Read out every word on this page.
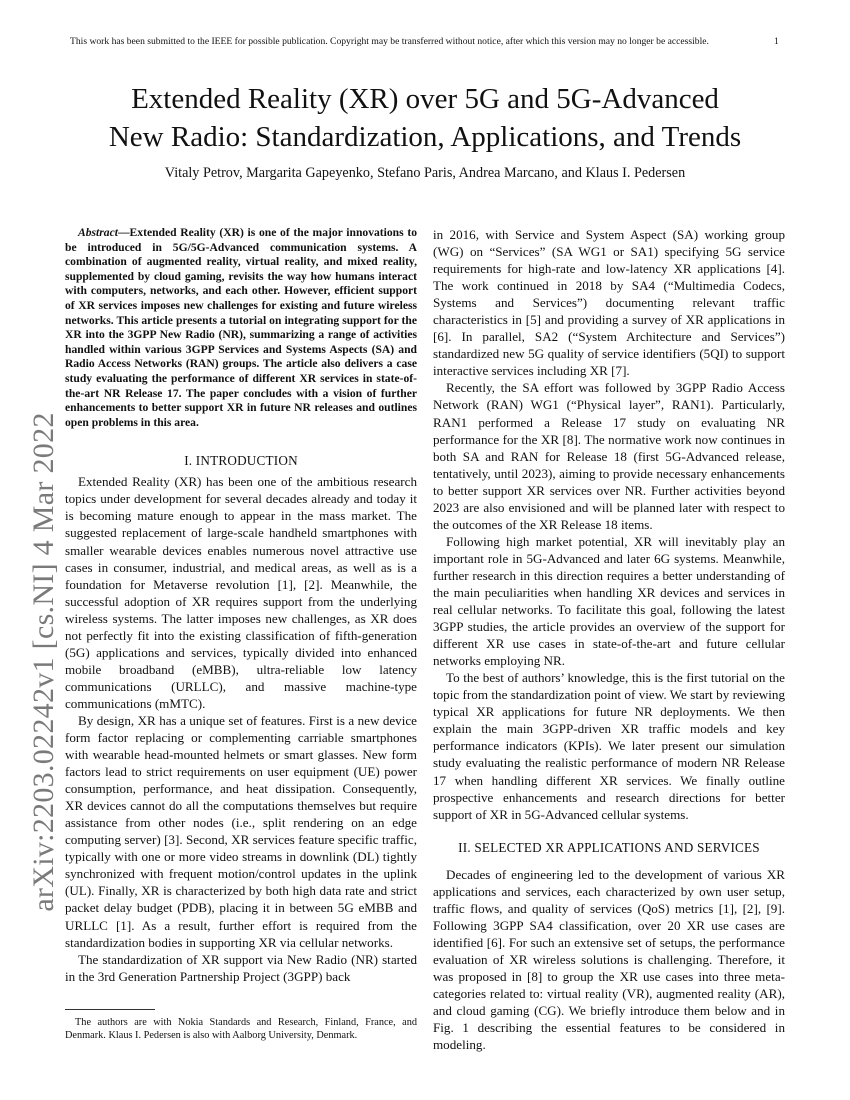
This work has been submitted to the IEEE for possible publication. Copyright may be transferred without notice, after which this version may no longer be accessible.	1
Extended Reality (XR) over 5G and 5G-Advanced
New Radio: Standardization, Applications, and Trends
Vitaly Petrov, Margarita Gapeyenko, Stefano Paris, Andrea Marcano, and Klaus I. Pedersen
arXiv:2203.02242v1 [cs.NI] 4 Mar 2022

Abstract—Extended Reality (XR) is one of the major innovations to be introduced in 5G/5G-Advanced communication systems. A combination of augmented reality, virtual reality, and mixed reality, supplemented by cloud gaming, revisits the way how humans interact with computers, networks, and each other. However, efficient support of XR services imposes new challenges for existing and future wireless networks. This article presents a tutorial on integrating support for the XR into the 3GPP New Radio (NR), summarizing a range of activities handled within various 3GPP Services and Systems Aspects (SA) and Radio Access Networks (RAN) groups. The article also delivers a case study evaluating the performance of different XR services in state-of-the-art NR Release 17. The paper concludes with a vision of further enhancements to better support XR in future NR releases and outlines open problems in this area.

I. INTRODUCTION

Extended Reality (XR) has been one of the ambitious research topics under development for several decades already and today it is becoming mature enough to appear in the mass market. The suggested replacement of large-scale handheld smartphones with smaller wearable devices enables numerous novel attractive use cases in consumer, industrial, and medical areas, as well as is a foundation for Metaverse revolution [1], [2]. Meanwhile, the successful adoption of XR requires support from the underlying wireless systems. The latter imposes new challenges, as XR does not perfectly fit into the existing classification of fifth-generation (5G) applications and services, typically divided into enhanced mobile broadband (eMBB), ultra-reliable low latency communications (URLLC), and massive machine-type communications (mMTC).

By design, XR has a unique set of features. First is a new device form factor replacing or complementing carriable smartphones with wearable head-mounted helmets or smart glasses. New form factors lead to strict requirements on user equipment (UE) power consumption, performance, and heat dissipation. Consequently, XR devices cannot do all the computations themselves but require assistance from other nodes (i.e., split rendering on an edge computing server) [3]. Second, XR services feature specific traffic, typically with one or more video streams in downlink (DL) tightly synchronized with frequent motion/control updates in the uplink (UL). Finally, XR is characterized by both high data rate and strict packet delay budget (PDB), placing it in between 5G eMBB and URLLC [1]. As a result, further effort is required from the standardization bodies in supporting XR via cellular networks.

The standardization of XR support via New Radio (NR) started in the 3rd Generation Partnership Project (3GPP) back

The authors are with Nokia Standards and Research, Finland, France, and Denmark. Klaus I. Pedersen is also with Aalborg University, Denmark.

in 2016, with Service and System Aspect (SA) working group (WG) on “Services” (SA WG1 or SA1) specifying 5G service requirements for high-rate and low-latency XR applications [4]. The work continued in 2018 by SA4 (“Multimedia Codecs, Systems and Services”) documenting relevant traffic characteristics in [5] and providing a survey of XR applications in [6]. In parallel, SA2 (“System Architecture and Services”) standardized new 5G quality of service identifiers (5QI) to support interactive services including XR [7].

Recently, the SA effort was followed by 3GPP Radio Access Network (RAN) WG1 (“Physical layer”, RAN1). Particularly, RAN1 performed a Release 17 study on evaluating NR performance for the XR [8]. The normative work now continues in both SA and RAN for Release 18 (first 5G-Advanced release, tentatively, until 2023), aiming to provide necessary enhancements to better support XR services over NR. Further activities beyond 2023 are also envisioned and will be planned later with respect to the outcomes of the XR Release 18 items.

Following high market potential, XR will inevitably play an important role in 5G-Advanced and later 6G systems. Meanwhile, further research in this direction requires a better understanding of the main peculiarities when handling XR devices and services in real cellular networks. To facilitate this goal, following the latest 3GPP studies, the article provides an overview of the support for different XR use cases in state-of-the-art and future cellular networks employing NR.

To the best of authors’ knowledge, this is the first tutorial on the topic from the standardization point of view. We start by reviewing typical XR applications for future NR deployments. We then explain the main 3GPP-driven XR traffic models and key performance indicators (KPIs). We later present our simulation study evaluating the realistic performance of modern NR Release 17 when handling different XR services. We finally outline prospective enhancements and research directions for better support of XR in 5G-Advanced cellular systems.

II. SELECTED XR APPLICATIONS AND SERVICES

Decades of engineering led to the development of various XR applications and services, each characterized by own user setup, traffic flows, and quality of services (QoS) metrics [1], [2], [9]. Following 3GPP SA4 classification, over 20 XR use cases are identified [6]. For such an extensive set of setups, the performance evaluation of XR wireless solutions is challenging. Therefore, it was proposed in [8] to group the XR use cases into three meta-categories related to: virtual reality (VR), augmented reality (AR), and cloud gaming (CG). We briefly introduce them below and in Fig. 1 describing the essential features to be considered in modeling.
